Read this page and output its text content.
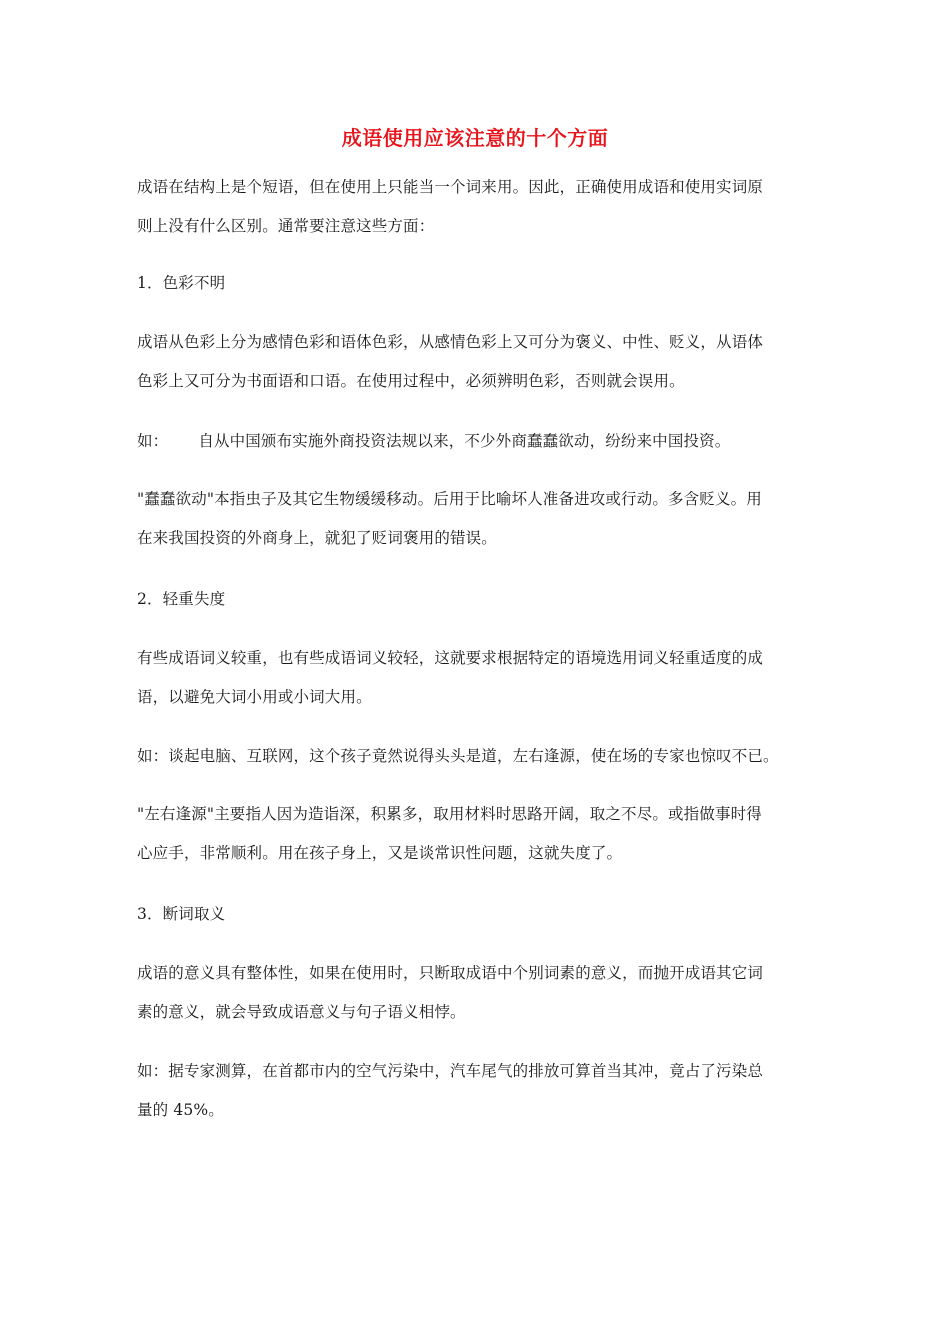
成语使用应该注意的十个方面
成语在结构上是个短语，但在使用上只能当一个词来用。因此，正确使用成语和使用实词原
则上没有什么区别。通常要注意这些方面：
1．色彩不明
成语从色彩上分为感情色彩和语体色彩，从感情色彩上又可分为褒义、中性、贬义，从语体
色彩上又可分为书面语和口语。在使用过程中，必须辨明色彩，否则就会误用。
如： 自从中国颁布实施外商投资法规以来，不少外商蠢蠢欲动，纷纷来中国投资。
"蠢蠢欲动"本指虫子及其它生物缓缓移动。后用于比喻坏人准备进攻或行动。多含贬义。用
在来我国投资的外商身上，就犯了贬词褒用的错误。
2．轻重失度
有些成语词义较重，也有些成语词义较轻，这就要求根据特定的语境选用词义轻重适度的成
语，以避免大词小用或小词大用。
如：谈起电脑、互联网，这个孩子竟然说得头头是道，左右逢源，使在场的专家也惊叹不已。
"左右逢源"主要指人因为造诣深，积累多，取用材料时思路开阔，取之不尽。或指做事时得
心应手，非常顺利。用在孩子身上，又是谈常识性问题，这就失度了。
3．断词取义
成语的意义具有整体性，如果在使用时，只断取成语中个别词素的意义，而抛开成语其它词
素的意义，就会导致成语意义与句子语义相悖。
如：据专家测算，在首都市内的空气污染中，汽车尾气的排放可算首当其冲，竟占了污染总
量的 45%。
